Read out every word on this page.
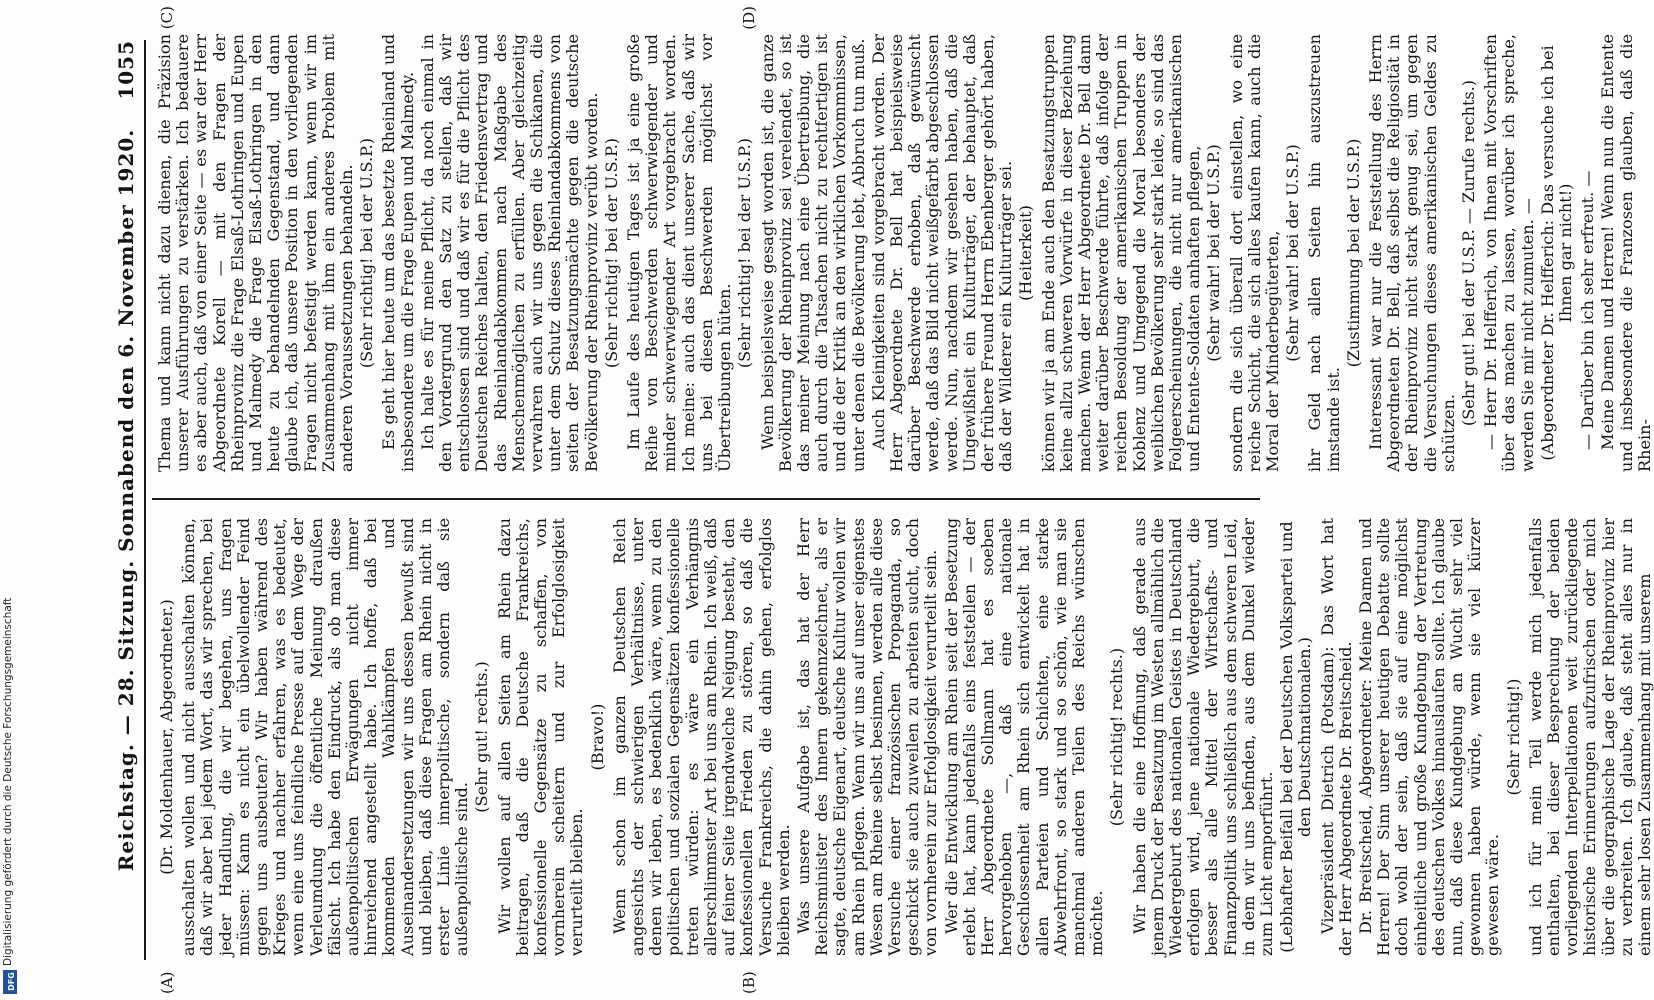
Digitalisierung gefördert durch die Deutsche Forschungsgemeinschaft
DFG
Reichstag. — 28. Sitzung. Sonnabend den 6. November 1920.
1055
(A)	(B)
(C)	(D)

(Dr. Moldenhauer, Abgeordneter.) ausschalten wollen und nicht ausschalten können, daß wir aber bei jedem Wort, das wir sprechen, bei jeder Handlung, die wir begehen, uns fragen müssen: Kann es nicht ein übelwollender Feind gegen uns ausbeuten? Wir haben während des Krieges und nachher erfahren, was es bedeutet, wenn eine uns feindliche Presse auf dem Wege der Verleumdung die öffentliche Meinung draußen fälscht. Ich habe den Eindruck, als ob man diese außenpolitischen Erwägungen nicht immer hinreichend angestellt habe. Ich hoffe, daß bei kommenden Wahlkämpfen und Auseinandersetzungen wir uns dessen bewußt sind und bleiben, daß diese Fragen am Rhein nicht in erster Linie innerpolitische, sondern daß sie außenpolitische sind.

(Sehr gut! rechts.) Wir wollen auf allen Seiten am Rhein dazu beitragen, daß die Deutsche Frankreichs, konfessionelle Gegensätze zu schaffen, von vornherein scheitern und zur Erfolglosigkeit verurteilt bleiben.

(Bravo!) Wenn schon im ganzen Deutschen Reich angesichts der schwierigen Verhältnisse, unter denen wir leben, es bedenklich wäre, wenn zu den politischen und sozialen Gegensätzen konfessionelle treten würden: es wäre ein Verhängnis allerschlimmster Art bei uns am Rhein. Ich weiß, daß auf feiner Seite irgendwelche Neigung besteht, den konfessionellen Frieden zu stören, so daß die Versuche Frankreichs, die dahin gehen, erfolglos bleiben werden. Was unsere Aufgabe ist, das hat der Herr Reichsminister des Innern gekennzeichnet, als er sagte, deutsche Eigenart, deutsche Kultur wollen wir am Rhein pflegen. Wenn wir uns auf unser eigenstes Wesen am Rheine selbst besinnen, werden alle diese Versuche einer französischen Propaganda, so geschickt sie auch zuweilen zu arbeiten sucht, doch von vornherein zur Erfolglosigkeit verurteilt sein. Wer die Entwicklung am Rhein seit der Besetzung erlebt hat, kann jedenfalls eins feststellen — der Herr Abgeordnete Sollmann hat es soeben hervorgehoben —, daß eine nationale Geschlossenheit am Rhein sich entwickelt hat in allen Parteien und Schichten, eine starke Abwehrfront, so stark und so schön, wie man sie manchmal anderen Teilen des Reichs wünschen möchte.

(Sehr richtig! rechts.) Wir haben die eine Hoffnung, daß gerade aus jenem Druck der Besatzung im Westen allmählich die Wiedergeburt des nationalen Geistes in Deutschland erfolgen wird, jene nationale Wiedergeburt, die besser als alle Mittel der Wirtschafts- und Finanzpolitik uns schließlich aus dem schweren Leid, in dem wir uns befinden, aus dem Dunkel wieder zum Licht emporführt. (Lebhafter Beifall bei der Deutschen Volkspartei und den Deutschnationalen.) Vizepräsident Dietrich (Potsdam): Das Wort hat der Herr Abgeordnete Dr. Breitscheid. Dr. Breitscheid, Abgeordneter: Meine Damen und Herren! Der Sinn unserer heutigen Debatte sollte doch wohl der sein, daß sie auf eine möglichst einheitliche und große Kundgebung der Vertretung des deutschen Volkes hinauslaufen sollte. Ich glaube nun, daß diese Kundgebung an Wucht sehr viel gewonnen haben würde, wenn sie viel kürzer gewesen wäre.

(Sehr richtig!) und ich für mein Teil werde mich jedenfalls enthalten, bei dieser Besprechung der beiden vorliegenden Interpellationen weit zurückliegende historische Erinnerungen aufzufrischen oder mich über die geographische Lage der Rheinprovinz hier zu verbreiten. Ich glaube, daß steht alles nur in einem sehr losen Zusammenhang mit unserem

Thema und kann nicht dazu dienen, die Präzision unserer Ausführungen zu verstärken. Ich bedauere es aber auch, daß von einer Seite — es war der Herr Abgeordnete Korell — mit den Fragen der Rheinprovinz die Frage Elsaß-Lothringen und Eupen und Malmedy die Frage Elsaß-Lothringen in den heute zu behandelnden Gegenstand, und dann glaube ich, daß unsere Position in den vorliegenden Fragen nicht befestigt werden kann, wenn wir im Zusammenhang mit ihm ein anderes Problem mit anderen Voraussetzungen behandeln. (Sehr richtig! bei der U.S.P.) Es geht hier heute um das besetzte Rheinland und insbesondere um die Frage Eupen und Malmedy. Ich halte es für meine Pflicht, da noch einmal in den Vordergrund den Satz zu stellen, daß wir entschlossen sind und daß wir es für die Pflicht des Deutschen Reiches halten, den Friedensvertrag und das Rheinlandabkommen nach Maßgabe des Menschenmöglichen zu erfüllen. Aber gleichzeitig verwahren auch wir uns gegen die Schikanen, die unter dem Schutz dieses Rheinlandabkommens von seiten der Besatzungsmächte gegen die deutsche Bevölkerung der Rheinprovinz verübt worden. (Sehr richtig! bei der U.S.P.) Im Laufe des heutigen Tages ist ja eine große Reihe von Beschwerden schwerwiegender und minder schwerwiegender Art vorgebracht worden. Ich meine: auch das dient unserer Sache, daß wir uns bei diesen Beschwerden möglichst vor Übertreibungen hüten.

(Sehr richtig! bei der U.S.P.) Wenn beispielsweise gesagt worden ist, die ganze Bevölkerung der Rheinprovinz sei verelendet, so ist das meiner Meinung nach eine Übertreibung, die auch durch die Tatsachen nicht zu rechtfertigen ist und die der Kritik an den wirklichen Vorkommnissen, unter denen die Bevölkerung lebt, Abbruch tun muß. Auch Kleinigkeiten sind vorgebracht worden. Der Herr Abgeordnete Dr. Bell hat beispielsweise darüber Beschwerde erhoben, daß gewünscht werde, daß das Bild nicht weißgefärbt abgeschlossen werde. Nun, nachdem wir gesehen haben, daß die Ungewißheit ein Kulturträger, der behauptet, daß der frühere Freund Herrn Ebenberger gehört haben, daß der Wilderer ein Kulturträger sei. (Heiterkeit) können wir ja am Ende auch den Besatzungstruppen keine allzu schweren Vorwürfe in dieser Beziehung machen. Wenn der Herr Abgeordnete Dr. Bell dann weiter darüber Beschwerde führte, daß infolge der reichen Besoldung der amerikanischen Truppen in Koblenz und Umgegend die Moral besonders der weiblichen Bevölkerung sehr stark leide, so sind das Folgeerscheinungen, die nicht nur amerikanischen und Entente-Soldaten anhaften pflegen, (Sehr wahr! bei der U.S.P.) sondern die sich überall dort einstellen, wo eine reiche Schicht, die sich alles kaufen kann, auch die Moral der Minderbegüterten, (Sehr wahr! bei der U.S.P.) ihr Geld nach allen Seiten hin auszustreuen imstande ist.

(Zustimmung bei der U.S.P.) Interessant war nur die Feststellung des Herrn Abgeordneten Dr. Bell, daß selbst die Religiosität in der Rheinprovinz nicht stark genug sei, um gegen die Versuchungen dieses amerikanischen Geldes zu schützen.

(Sehr gut! bei der U.S.P. — Zurufe rechts.) — Herr Dr. Helfferich, von Ihnen mit Vorschriften über das machen zu lassen, worüber ich spreche, werden Sie mir nicht zumuten. — (Abgeordneter Dr. Helfferich: Das versuche ich bei Ihnen gar nicht!) — Darüber bin ich sehr erfreut. — Meine Damen und Herren! Wenn nun die Entente und insbesondere die Franzosen glauben, daß die Rhein-
